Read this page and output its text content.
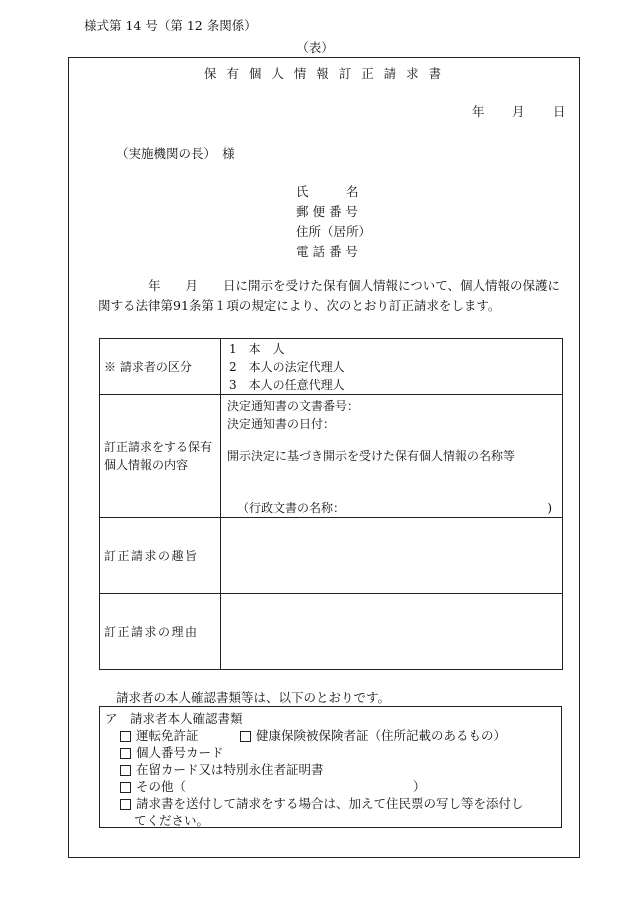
様式第 14 号（第 12 条関係）
（表）
保 有 個 人 情 報 訂 正 請 求 書
年 月 日
（実施機関の長）　様
氏　　　名
郵 便 番 号
住所（居所）
電 話 番 号
　　　　年　　月　　日に開示を受けた保有個人情報について、個人情報の保護に関する法律第91条第１項の規定により、次のとおり訂正請求をします。
※ 請求者の区分	1　本　人
2　本人の法定代理人
3　本人の任意代理人

訂正請求をする保有個人情報の内容	決定通知書の文書番号：
決定通知書の日付：
開示決定に基づき開示を受けた保有個人情報の名称等
（行政文書の名称： )

訂正請求の趣旨	

訂正請求の理由	

請求者の本人確認書類等は、以下のとおりです。
ア　請求者本人確認書類
運転免許証	健康保険被保険者証（住所記載のあるもの）
個人番号カード
在留カード又は特別永住者証明書
その他（	）
請求書を送付して請求をする場合は、加えて住民票の写し等を添付し
てください。
